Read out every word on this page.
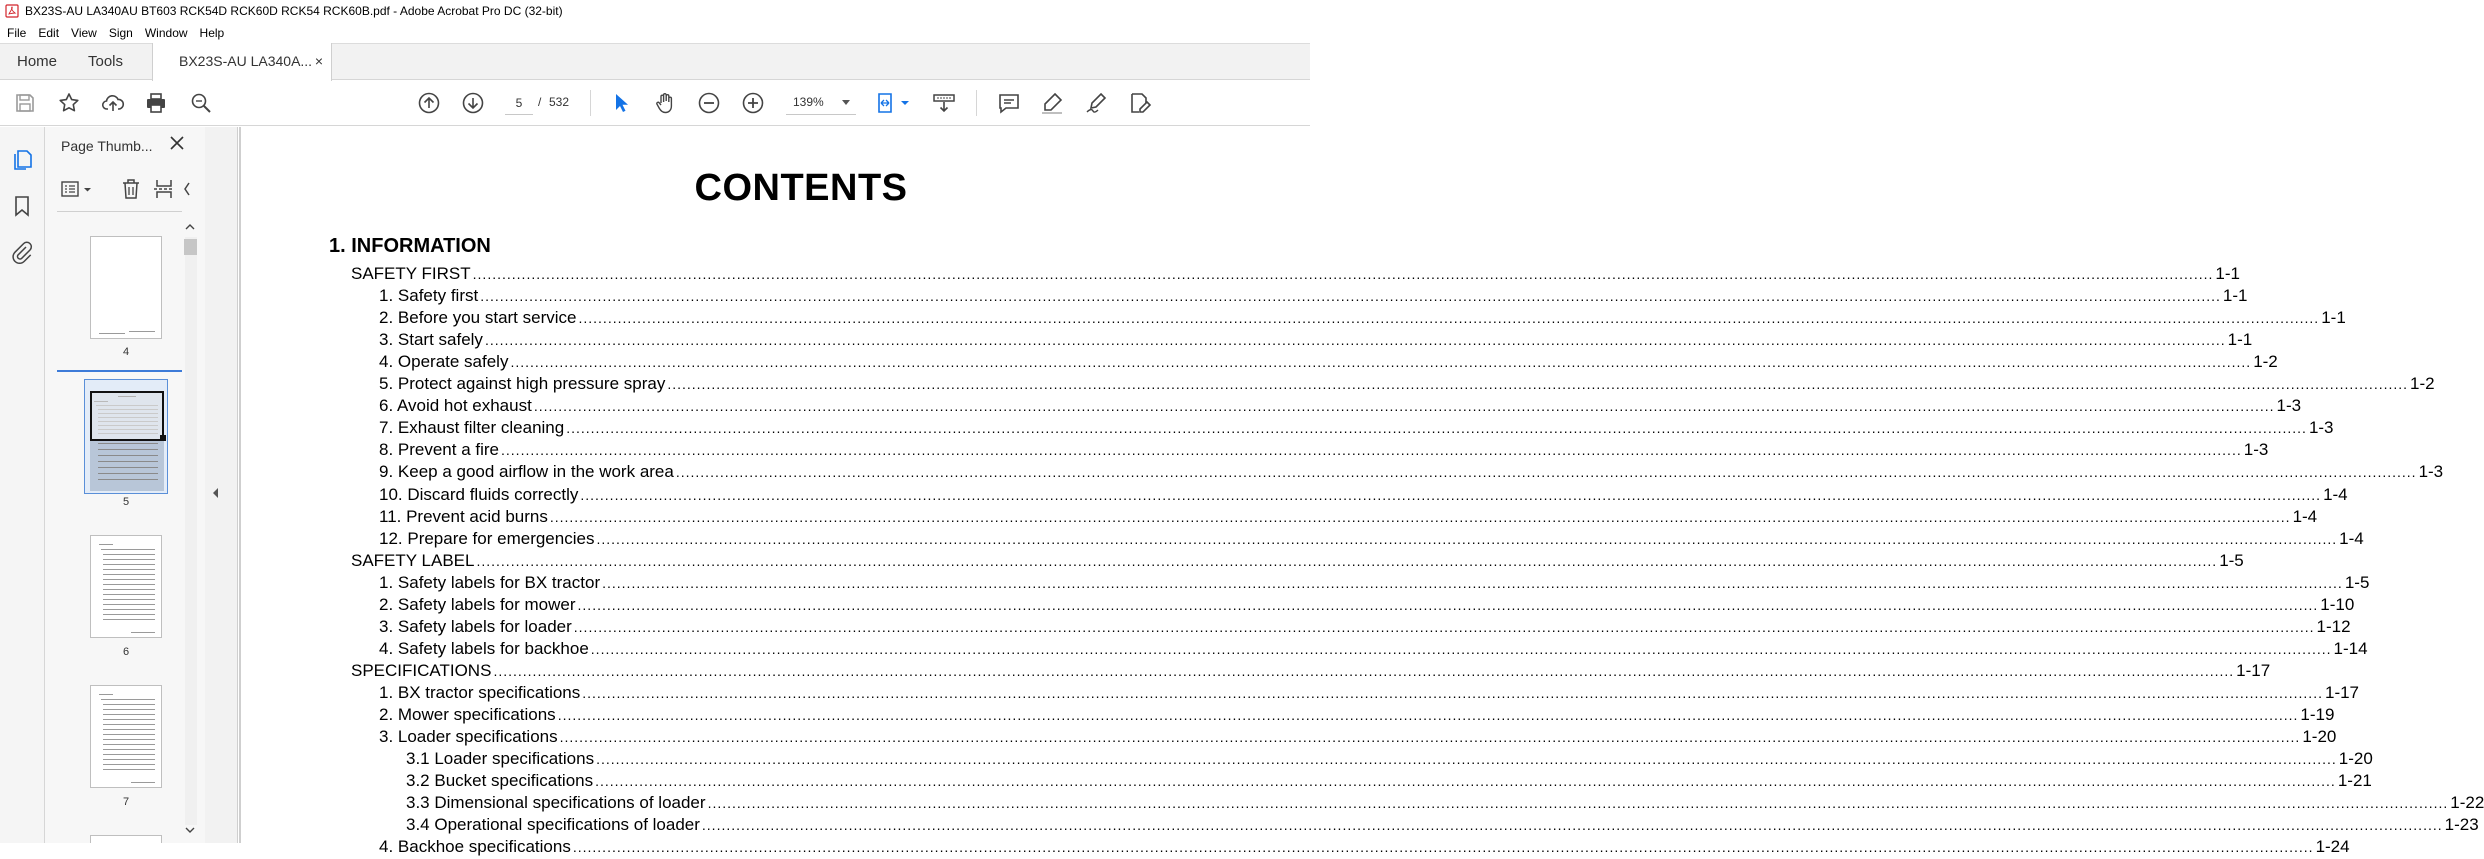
BX23S-AU LA340AU BT603 RCK54D RCK60D RCK54 RCK60B.pdf - Adobe Acrobat Pro DC (32-bit)
File	Edit	View	Sign	Window	Help
Home Tools	BX23S-AU LA340A... ×
5
/ 532	139%
Page Thumb...
4
5
6
7
CONTENTS
1. INFORMATION
SAFETY FIRST .....	1-1
1. Safety first .....	1-1
2. Before you start service .....	1-1
3. Start safely .....	1-1
4. Operate safely .....	1-2
5. Protect against high pressure spray .....	1-2
6. Avoid hot exhaust .....	1-3
7. Exhaust filter cleaning .....	1-3
8. Prevent a fire .....	1-3
9. Keep a good airflow in the work area .....	1-3
10. Discard fluids correctly .....	1-4
11. Prevent acid burns .....	1-4
12. Prepare for emergencies .....	1-4
SAFETY LABEL .....	1-5
1. Safety labels for BX tractor .....	1-5
2. Safety labels for mower .....	1-10
3. Safety labels for loader .....	1-12
4. Safety labels for backhoe .....	1-14
SPECIFICATIONS .....	1-17
1. BX tractor specifications .....	1-17
2. Mower specifications .....	1-19
3. Loader specifications .....	1-20
3.1 Loader specifications .....	1-20
3.2 Bucket specifications .....	1-21
3.3 Dimensional specifications of loader .....	1-22
3.4 Operational specifications of loader .....	1-23
4. Backhoe specifications .....	1-24
